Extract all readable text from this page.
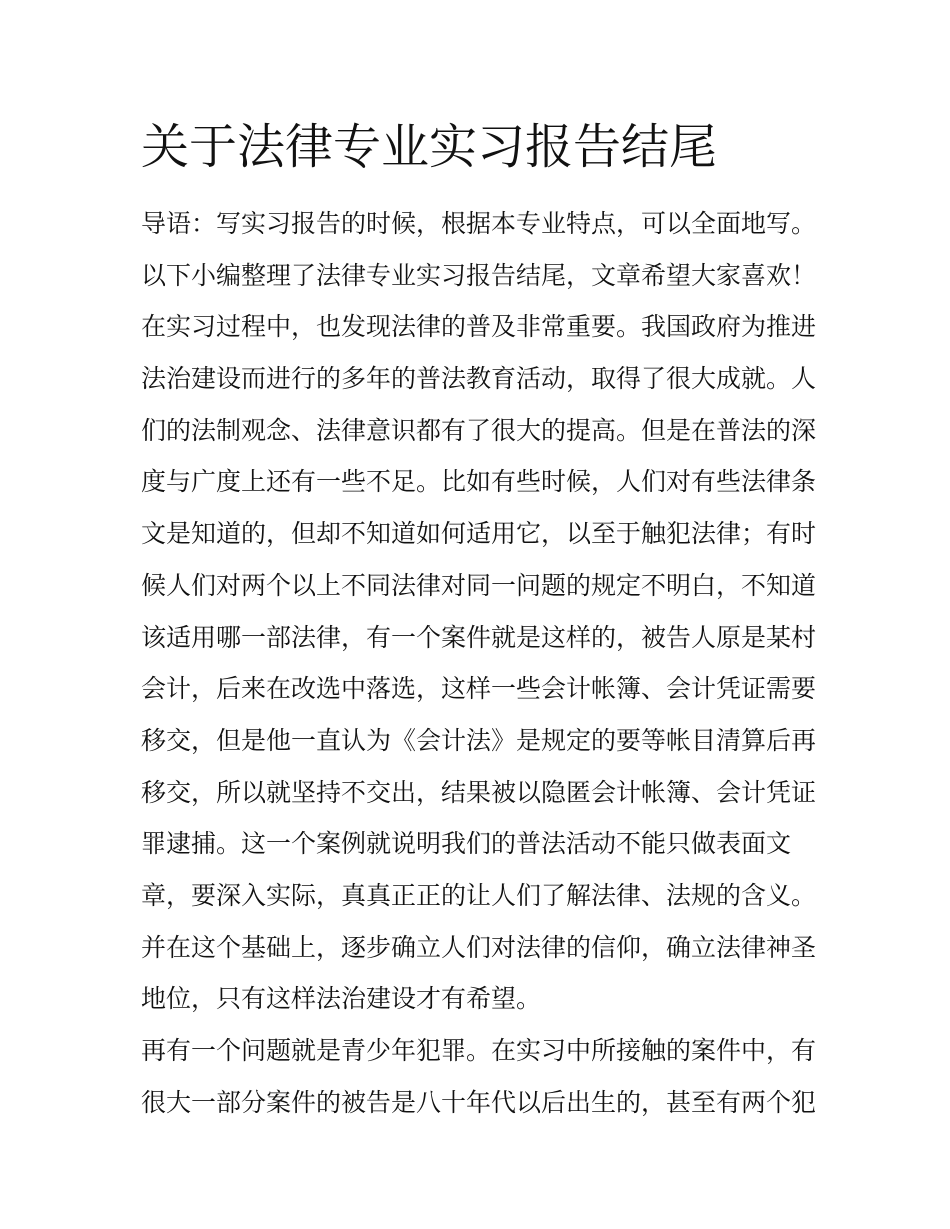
关于法律专业实习报告结尾
导语：写实习报告的时候，根据本专业特点，可以全面地写。
以下小编整理了法律专业实习报告结尾，文章希望大家喜欢！
在实习过程中，也发现法律的普及非常重要。我国政府为推进
法治建设而进行的多年的普法教育活动，取得了很大成就。人
们的法制观念、法律意识都有了很大的提高。但是在普法的深
度与广度上还有一些不足。比如有些时候，人们对有些法律条
文是知道的，但却不知道如何适用它，以至于触犯法律；有时
候人们对两个以上不同法律对同一问题的规定不明白，不知道
该适用哪一部法律，有一个案件就是这样的，被告人原是某村
会计，后来在改选中落选，这样一些会计帐簿、会计凭证需要
移交，但是他一直认为《会计法》是规定的要等帐目清算后再
移交，所以就坚持不交出，结果被以隐匿会计帐簿、会计凭证
罪逮捕。这一个案例就说明我们的普法活动不能只做表面文
章，要深入实际，真真正正的让人们了解法律、法规的含义。
并在这个基础上，逐步确立人们对法律的信仰，确立法律神圣
地位，只有这样法治建设才有希望。
再有一个问题就是青少年犯罪。在实习中所接触的案件中，有
很大一部分案件的被告是八十年代以后出生的，甚至有两个犯
